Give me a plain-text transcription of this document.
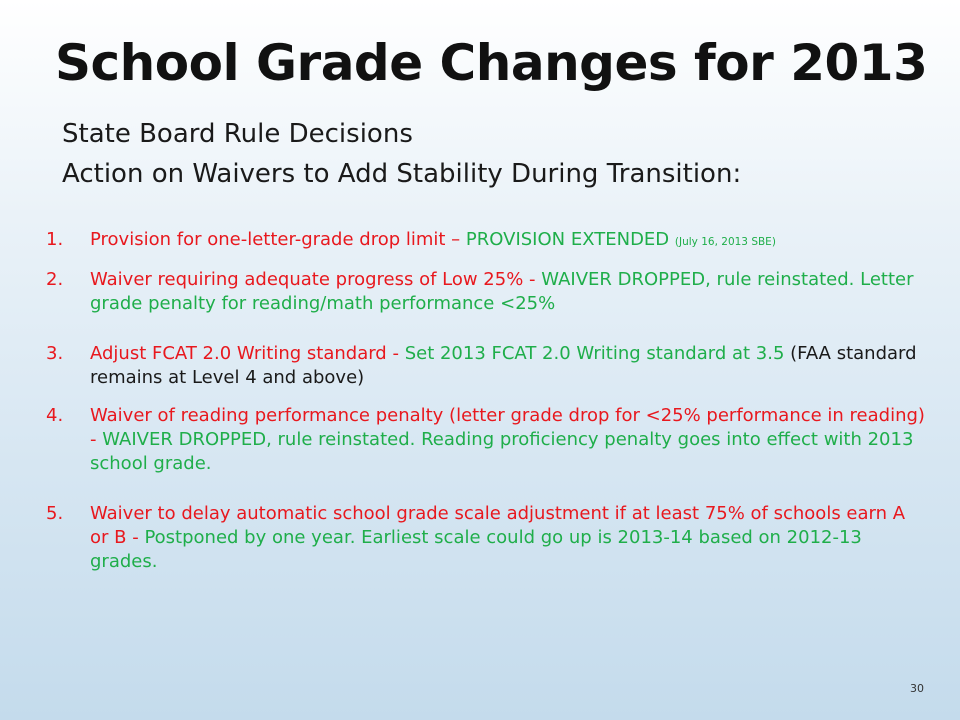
School Grade Changes for 2013
State Board Rule Decisions
Action on Waivers to Add Stability During Transition:
1.	Provision for one-letter-grade drop limit – PROVISION EXTENDED (July 16, 2013 SBE)
2.	Waiver requiring adequate progress of Low 25% - WAIVER DROPPED, rule reinstated. Letter grade penalty for reading/math performance <25%
3.	Adjust FCAT 2.0 Writing standard - Set 2013 FCAT 2.0 Writing standard at 3.5 (FAA standard remains at Level 4 and above)
4.	Waiver of reading performance penalty (letter grade drop for <25% performance in reading) - WAIVER DROPPED, rule reinstated. Reading proficiency penalty goes into effect with 2013 school grade.
5.	Waiver to delay automatic school grade scale adjustment if at least 75% of schools earn A or B - Postponed by one year. Earliest scale could go up is 2013-14 based on 2012-13 grades.
30
